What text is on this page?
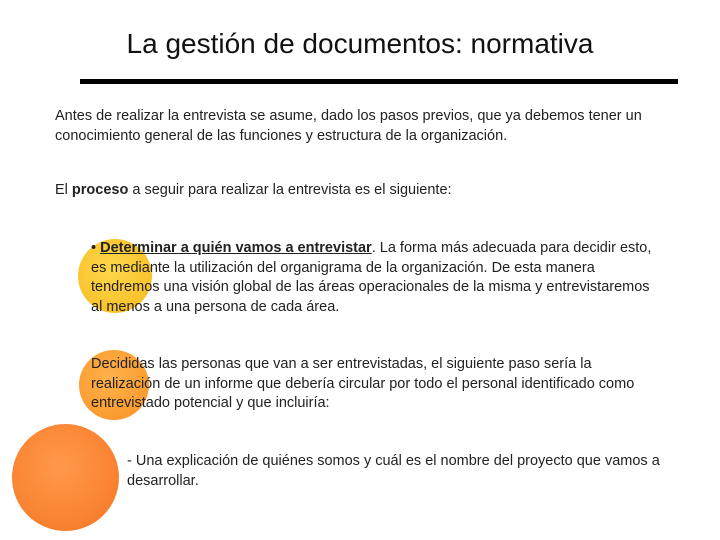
La gestión de documentos: normativa

Antes de realizar la entrevista se asume, dado los pasos previos, que ya debemos tener un conocimiento general de las funciones y estructura de la organización.

El proceso a seguir para realizar la entrevista es el siguiente:

• Determinar a quién vamos a entrevistar. La forma más adecuada para decidir esto, es mediante la utilización del organigrama de la organización. De esta manera tendremos una visión global de las áreas operacionales de la misma y entrevistaremos al menos a una persona de cada área.

Decididas las personas que van a ser entrevistadas, el siguiente paso sería la realización de un informe que debería circular por todo el personal identificado como entrevistado potencial y que incluiría:

- Una explicación de quiénes somos y cuál es el nombre del proyecto que vamos a desarrollar.
